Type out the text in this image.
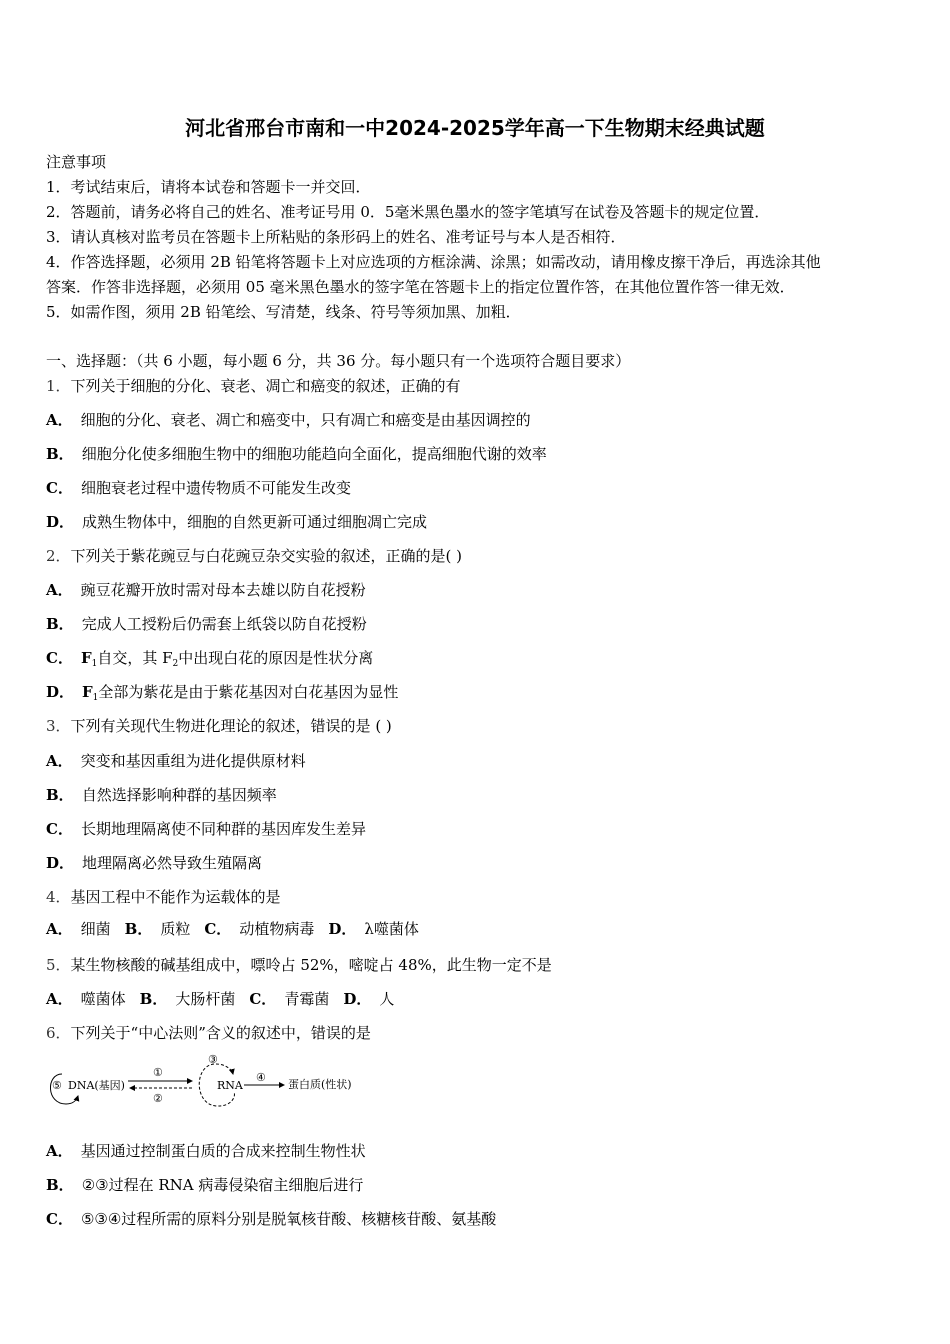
河北省邢台市南和一中2024-2025学年高一下生物期末经典试题
注意事项
1．考试结束后，请将本试卷和答题卡一并交回．
2．答题前，请务必将自己的姓名、准考证号用 0．5毫米黑色墨水的签字笔填写在试卷及答题卡的规定位置．
3．请认真核对监考员在答题卡上所粘贴的条形码上的姓名、准考证号与本人是否相符．
4．作答选择题，必须用 2B 铅笔将答题卡上对应选项的方框涂满、涂黑；如需改动，请用橡皮擦干净后，再选涂其他
答案．作答非选择题，必须用 05 毫米黑色墨水的签字笔在答题卡上的指定位置作答，在其他位置作答一律无效．
5．如需作图，须用 2B 铅笔绘、写清楚，线条、符号等须加黑、加粗．
一、选择题：（共 6 小题，每小题 6 分，共 36 分。每小题只有一个选项符合题目要求）
1．下列关于细胞的分化、衰老、凋亡和癌变的叙述，正确的有
A． 细胞的分化、衰老、凋亡和癌变中，只有凋亡和癌变是由基因调控的
B． 细胞分化使多细胞生物中的细胞功能趋向全面化，提高细胞代谢的效率
C． 细胞衰老过程中遗传物质不可能发生改变
D． 成熟生物体中，细胞的自然更新可通过细胞凋亡完成
2．下列关于紫花豌豆与白花豌豆杂交实验的叙述，正确的是( )
A． 豌豆花瓣开放时需对母本去雄以防自花授粉
B． 完成人工授粉后仍需套上纸袋以防自花授粉
C． $F_1$自交，其 $F_2$中出现白花的原因是性状分离
D． $F_1$全部为紫花是由于紫花基因对白花基因为显性
3．下列有关现代生物进化理论的叙述，错误的是 ( )
A． 突变和基因重组为进化提供原材料
B． 自然选择影响种群的基因频率
C． 长期地理隔离使不同种群的基因库发生差异
D． 地理隔离必然导致生殖隔离
4．基因工程中不能作为运载体的是
A． 细菌 B． 质粒 C． 动植物病毒 D． λ噬菌体
5．某生物核酸的碱基组成中，嘌呤占 52%，嘧啶占 48%，此生物一定不是
A． 噬菌体 B． 大肠杆菌 C． 青霉菌 D． 人
6．下列关于“中心法则”含义的叙述中，错误的是
⑤ DNA(基因)
①
②
③
RNA
④
蛋白质(性状)
A． 基因通过控制蛋白质的合成来控制生物性状
B． ②③过程在 RNA 病毒侵染宿主细胞后进行
C． ⑤③④过程所需的原料分别是脱氧核苷酸、核糖核苷酸、氨基酸
